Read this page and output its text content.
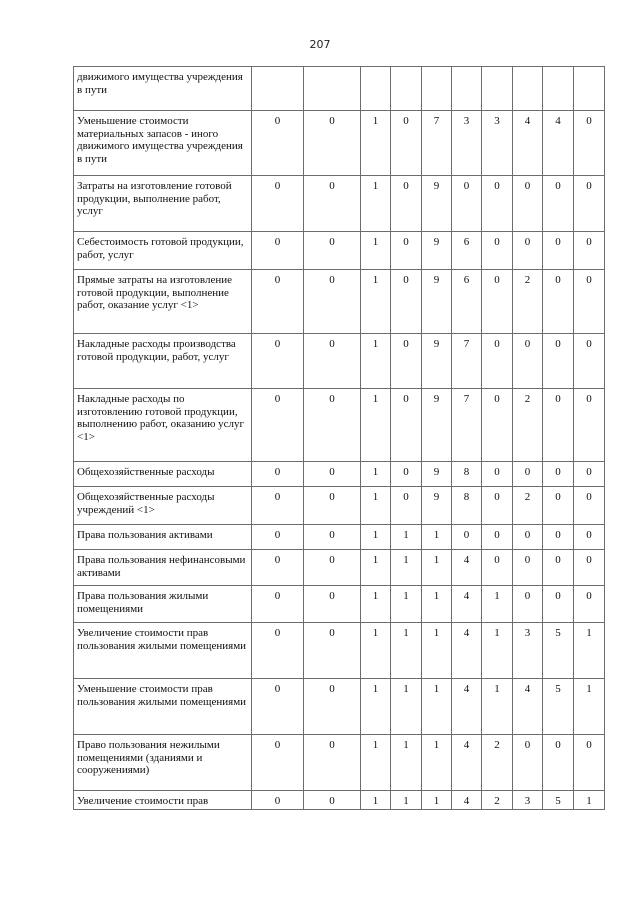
207
движимого имущества учреждения в пути										
Уменьшение стоимости материальных запасов - иного движимого имущества учреждения в пути	0	0	1	0	7	3	3	4	4	0
Затраты на изготовление готовой продукции, выполнение работ, услуг	0	0	1	0	9	0	0	0	0	0
Себестоимость готовой продукции, работ, услуг	0	0	1	0	9	6	0	0	0	0
Прямые затраты на изготовление готовой продукции, выполнение работ, оказание услуг <1>	0	0	1	0	9	6	0	2	0	0
Накладные расходы производства готовой продукции, работ, услуг	0	0	1	0	9	7	0	0	0	0
Накладные расходы по изготовлению готовой продукции, выполнению работ, оказанию услуг <1>	0	0	1	0	9	7	0	2	0	0
Общехозяйственные расходы	0	0	1	0	9	8	0	0	0	0
Общехозяйственные расходы учреждений <1>	0	0	1	0	9	8	0	2	0	0
Права пользования активами	0	0	1	1	1	0	0	0	0	0
Права пользования нефинансовыми активами	0	0	1	1	1	4	0	0	0	0
Права пользования жилыми помещениями	0	0	1	1	1	4	1	0	0	0
Увеличение стоимости прав пользования жилыми помещениями	0	0	1	1	1	4	1	3	5	1
Уменьшение стоимости прав пользования жилыми помещениями	0	0	1	1	1	4	1	4	5	1
Право пользования нежилыми помещениями (зданиями и сооружениями)	0	0	1	1	1	4	2	0	0	0
Увеличение стоимости прав	0	0	1	1	1	4	2	3	5	1
